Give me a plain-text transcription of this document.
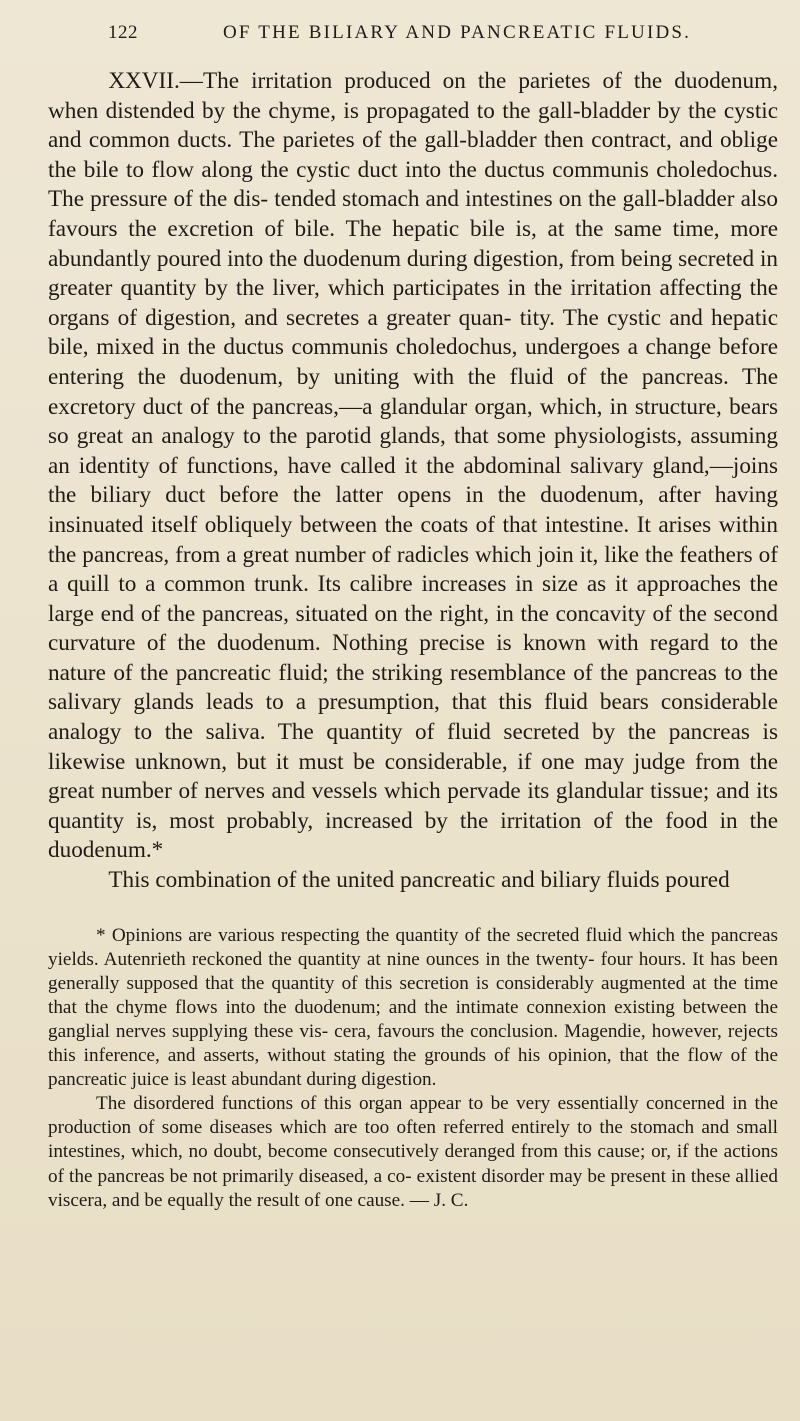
122	OF THE BILIARY AND PANCREATIC FLUIDS.

XXVII.—The irritation produced on the parietes of the duodenum, when distended by the chyme, is propagated to the gall-bladder by the cystic and common ducts. The parietes of the gall-bladder then contract, and oblige the bile to flow along the cystic duct into the ductus communis choledochus. The pressure of the dis- tended stomach and intestines on the gall-bladder also favours the excretion of bile. The hepatic bile is, at the same time, more abundantly poured into the duodenum during digestion, from being secreted in greater quantity by the liver, which participates in the irritation affecting the organs of digestion, and secretes a greater quan- tity. The cystic and hepatic bile, mixed in the ductus communis choledochus, undergoes a change before entering the duodenum, by uniting with the fluid of the pancreas. The excretory duct of the pancreas,—a glandular organ, which, in structure, bears so great an analogy to the parotid glands, that some physiologists, assuming an identity of functions, have called it the abdominal salivary gland,—joins the biliary duct before the latter opens in the duodenum, after having insinuated itself obliquely between the coats of that intestine. It arises within the pancreas, from a great number of radicles which join it, like the feathers of a quill to a common trunk. Its calibre increases in size as it approaches the large end of the pancreas, situated on the right, in the concavity of the second curvature of the duodenum. Nothing precise is known with regard to the nature of the pancreatic fluid; the striking resemblance of the pancreas to the salivary glands leads to a presumption, that this fluid bears considerable analogy to the saliva. The quantity of fluid secreted by the pancreas is likewise unknown, but it must be considerable, if one may judge from the great number of nerves and vessels which pervade its glandular tissue; and its quantity is, most probably, increased by the irritation of the food in the duodenum.*

This combination of the united pancreatic and biliary fluids poured

* Opinions are various respecting the quantity of the secreted fluid which the pancreas yields. Autenrieth reckoned the quantity at nine ounces in the twenty- four hours. It has been generally supposed that the quantity of this secretion is considerably augmented at the time that the chyme flows into the duodenum; and the intimate connexion existing between the ganglial nerves supplying these vis- cera, favours the conclusion. Magendie, however, rejects this inference, and asserts, without stating the grounds of his opinion, that the flow of the pancreatic juice is least abundant during digestion.

The disordered functions of this organ appear to be very essentially concerned in the production of some diseases which are too often referred entirely to the stomach and small intestines, which, no doubt, become consecutively deranged from this cause; or, if the actions of the pancreas be not primarily diseased, a co- existent disorder may be present in these allied viscera, and be equally the result of one cause. — J. C.
